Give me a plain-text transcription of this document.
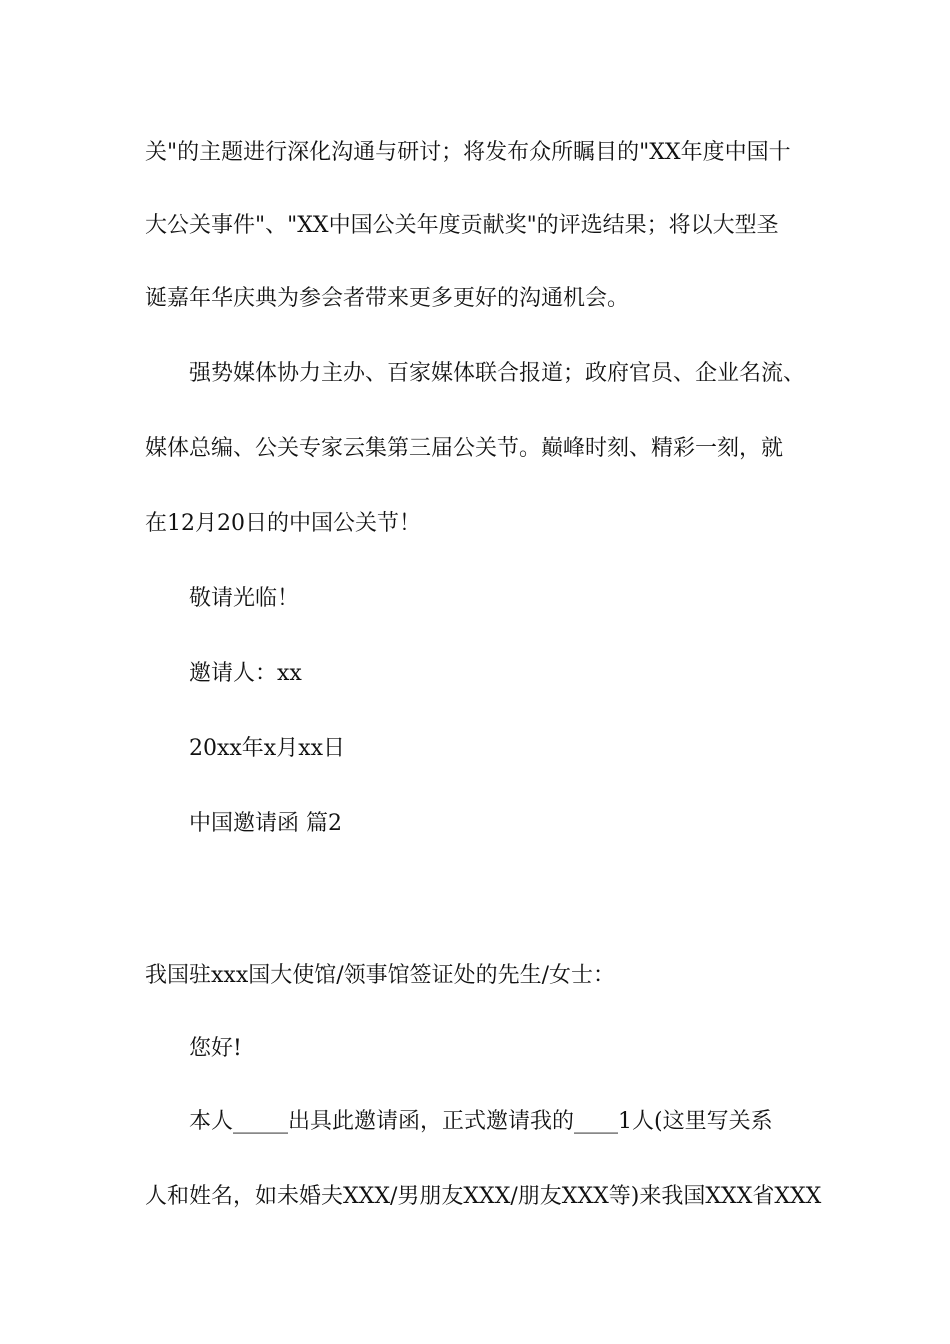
关"的主题进行深化沟通与研讨；将发布众所瞩目的"XX年度中国十
大公关事件"、"XX中国公关年度贡献奖"的评选结果；将以大型圣
诞嘉年华庆典为参会者带来更多更好的沟通机会。
强势媒体协力主办、百家媒体联合报道；政府官员、企业名流、
媒体总编、公关专家云集第三届公关节。巅峰时刻、精彩一刻，就
在12月20日的中国公关节！
敬请光临！
邀请人：xx
20xx年x月xx日
中国邀请函 篇2
我国驻xxx国大使馆/领事馆签证处的先生/女士：
您好!
本人_____出具此邀请函，正式邀请我的____1人(这里写关系
人和姓名，如未婚夫XXX/男朋友XXX/朋友XXX等)来我国XXX省XXX
